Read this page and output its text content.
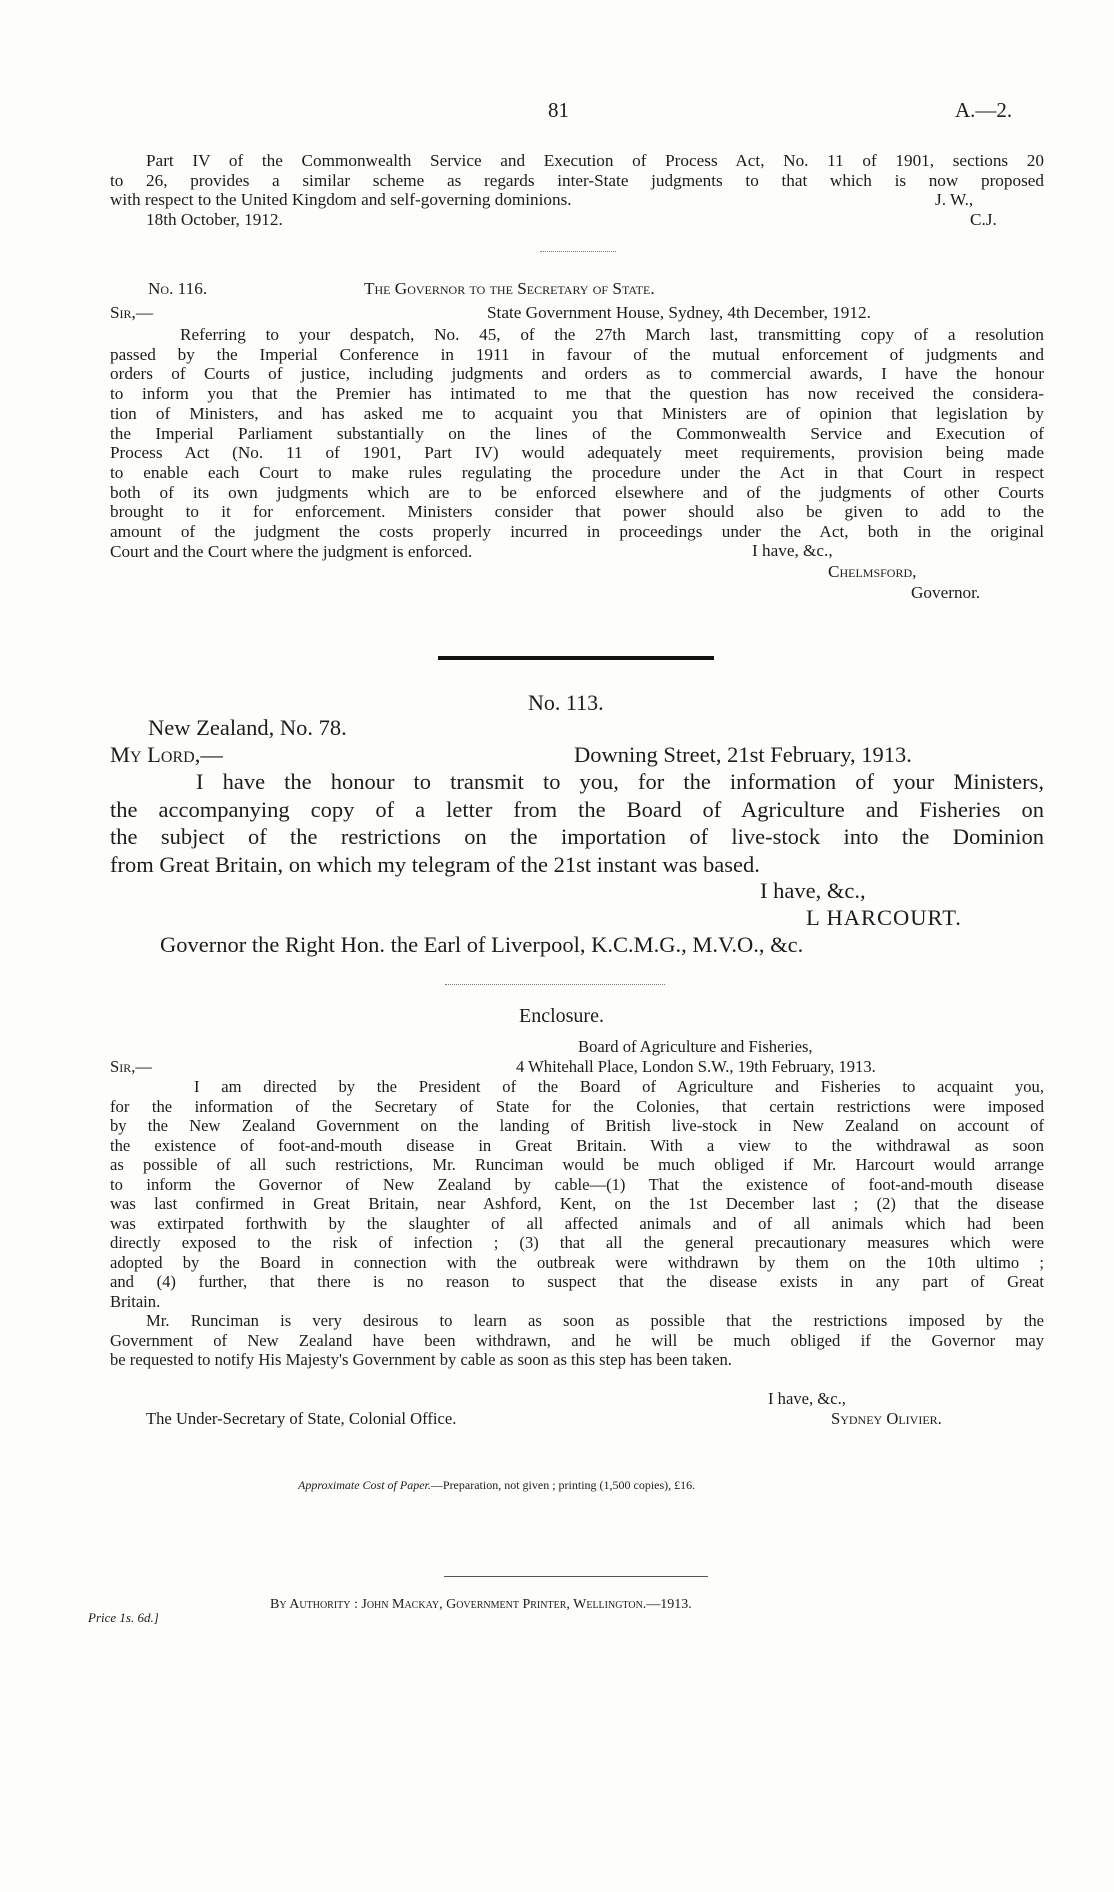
81	A.—2.

Part IV of the Commonwealth Service and Execution of Process Act, No. 11 of 1901, sections 20

to 26, provides a similar scheme as regards inter-State judgments to that which is now proposed

with respect to the United Kingdom and self-governing dominions.	J. W.,
18th October, 1912.	C.J.
No. 116.	The Governor to the Secretary of State.
Sir,—	State Government House, Sydney, 4th December, 1912.

Referring to your despatch, No. 45, of the 27th March last, transmitting copy of a resolution

passed by the Imperial Conference in 1911 in favour of the mutual enforcement of judgments and

orders of Courts of justice, including judgments and orders as to commercial awards, I have the honour

to inform you that the Premier has intimated to me that the question has now received the considera-

tion of Ministers, and has asked me to acquaint you that Ministers are of opinion that legislation by

the Imperial Parliament substantially on the lines of the Commonwealth Service and Execution of

Process Act (No. 11 of 1901, Part IV) would adequately meet requirements, provision being made

to enable each Court to make rules regulating the procedure under the Act in that Court in respect

both of its own judgments which are to be enforced elsewhere and of the judgments of other Courts

brought to it for enforcement. Ministers consider that power should also be given to add to the

amount of the judgment the costs properly incurred in proceedings under the Act, both in the original

Court and the Court where the judgment is enforced.	I have, &c.,
Chelmsford,
Governor.
No. 113.
New Zealand, No. 78.
My Lord,—	Downing Street, 21st February, 1913.

I have the honour to transmit to you, for the information of your Ministers,

the accompanying copy of a letter from the Board of Agriculture and Fisheries on

the subject of the restrictions on the importation of live-stock into the Dominion

from Great Britain, on which my telegram of the 21st instant was based.

I have, &c.,
L HARCOURT.
Governor the Right Hon. the Earl of Liverpool, K.C.M.G., M.V.O., &c.
Enclosure.
Board of Agriculture and Fisheries,
Sir,—	4 Whitehall Place, London S.W., 19th February, 1913.

I am directed by the President of the Board of Agriculture and Fisheries to acquaint you,

for the information of the Secretary of State for the Colonies, that certain restrictions were imposed

by the New Zealand Government on the landing of British live-stock in New Zealand on account of

the existence of foot-and-mouth disease in Great Britain. With a view to the withdrawal as soon

as possible of all such restrictions, Mr. Runciman would be much obliged if Mr. Harcourt would arrange

to inform the Governor of New Zealand by cable—(1) That the existence of foot-and-mouth disease

was last confirmed in Great Britain, near Ashford, Kent, on the 1st December last ; (2) that the disease

was extirpated forthwith by the slaughter of all affected animals and of all animals which had been

directly exposed to the risk of infection ; (3) that all the general precautionary measures which were

adopted by the Board in connection with the outbreak were withdrawn by them on the 10th ultimo ;

and (4) further, that there is no reason to suspect that the disease exists in any part of Great

Britain.

Mr. Runciman is very desirous to learn as soon as possible that the restrictions imposed by the

Government of New Zealand have been withdrawn, and he will be much obliged if the Governor may

be requested to notify His Majesty's Government by cable as soon as this step has been taken.

I have, &c.,
The Under-Secretary of State, Colonial Office.	Sydney Olivier.
Approximate Cost of Paper.—Preparation, not given ; printing (1,500 copies), £16.
By Authority : John Mackay, Government Printer, Wellington.—1913.
Price 1s. 6d.]
